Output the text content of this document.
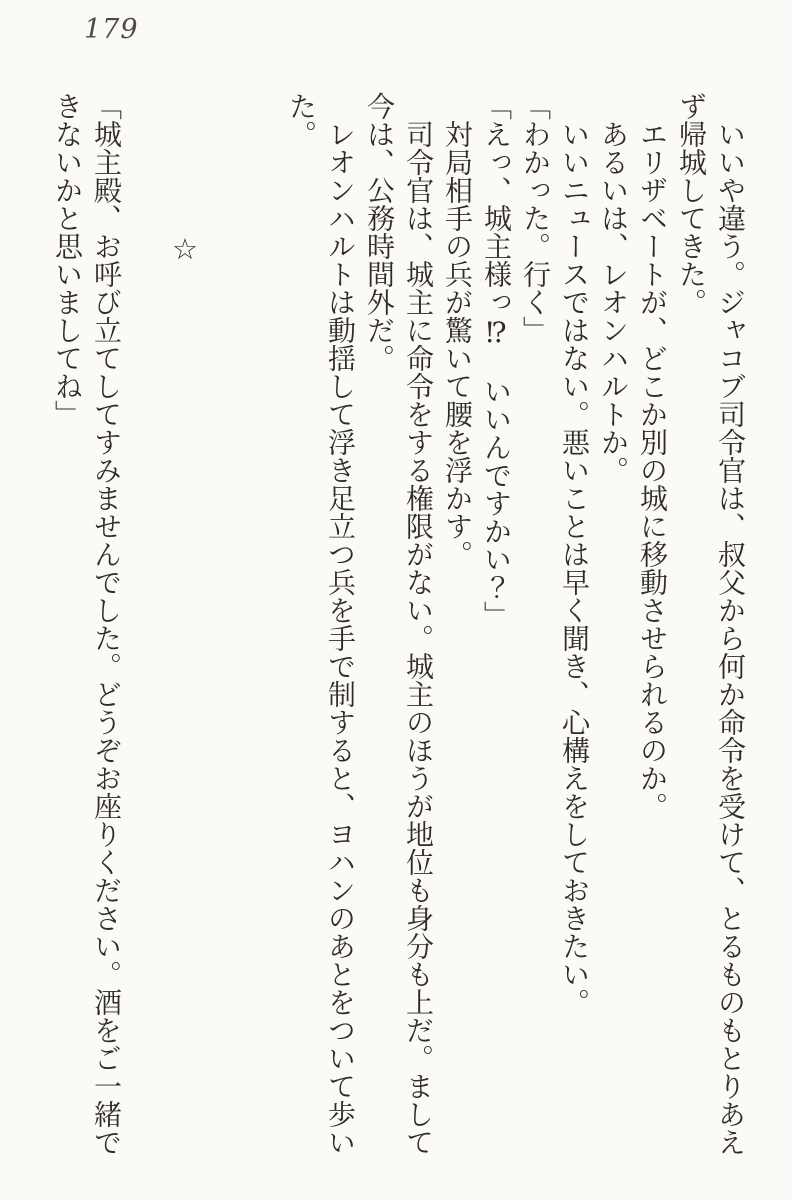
179

いいや違う。ジャコブ司令官は、叔父から何か命令を受けて、とるものもとりあえ

ず帰城してきた。

エリザベートが、どこか別の城に移動させられるのか。

あるいは、レオンハルトか。

いいニュースではない。悪いことは早く聞き、心構えをしておきたい。

「わかった。行く」

「えっ、城主様っ⁉　いいんですかい？」

対局相手の兵が驚いて腰を浮かす。

司令官は、城主に命令をする権限がない。城主のほうが地位も身分も上だ。まして

今は、公務時間外だ。

レオンハルトは動揺して浮き足立つ兵を手で制すると、ヨハンのあとをついて歩い

た。

☆

「城主殿、お呼び立てしてすみませんでした。どうぞお座りください。酒をご一緒で

きないかと思いましてね」
